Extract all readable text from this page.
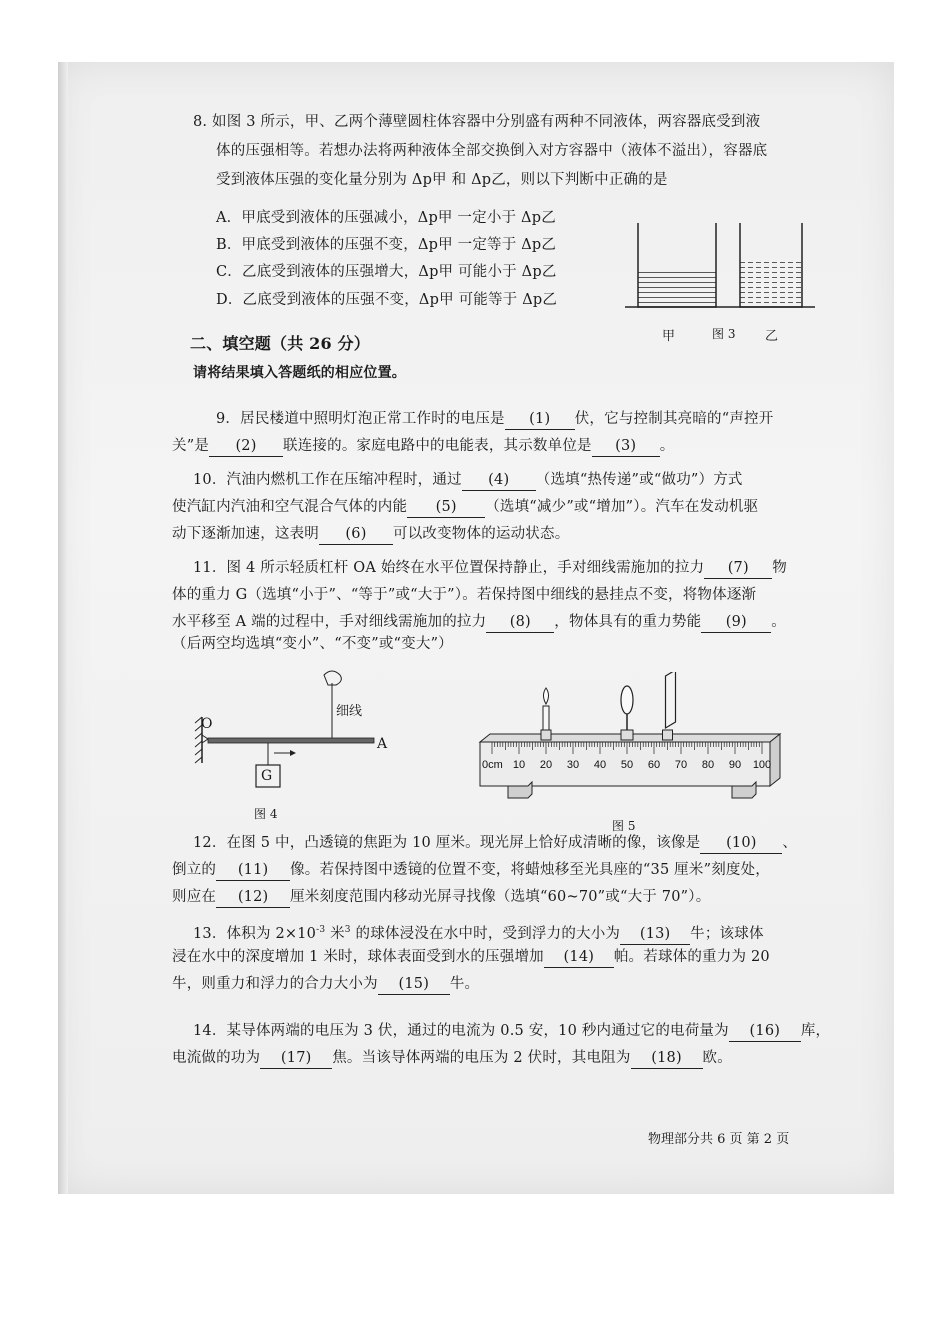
8. 如图 3 所示，甲、乙两个薄壁圆柱体容器中分别盛有两种不同液体，两容器底受到液
体的压强相等。若想办法将两种液体全部交换倒入对方容器中（液体不溢出），容器底
受到液体压强的变化量分别为 Δp甲 和 Δp乙，则以下判断中正确的是
A．甲底受到液体的压强减小，Δp甲 一定小于 Δp乙
B．甲底受到液体的压强不变，Δp甲 一定等于 Δp乙
C．乙底受到液体的压强增大，Δp甲 可能小于 Δp乙
D．乙底受到液体的压强不变，Δp甲 可能等于 Δp乙
甲	图 3 乙
二、填空题（共 26 分）
请将结果填入答题纸的相应位置。
9．居民楼道中照明灯泡正常工作时的电压是 (1) 伏，它与控制其亮暗的“声控开
关”是 (2) 联连接的。家庭电路中的电能表，其示数单位是 (3) 。
10．汽油内燃机工作在压缩冲程时，通过 (4) （选填“热传递”或“做功”）方式
使汽缸内汽油和空气混合气体的内能 (5) （选填“减少”或“增加”）。汽车在发动机驱
动下逐渐加速，这表明 (6) 可以改变物体的运动状态。
11．图 4 所示轻质杠杆 OA 始终在水平位置保持静止，手对细线需施加的拉力 (7) 物
体的重力 G（选填“小于”、“等于”或“大于”）。若保持图中细线的悬挂点不变，将物体逐渐
水平移至 A 端的过程中，手对细线需施加的拉力 (8) ，物体具有的重力势能 (9) 。
（后两空均选填“变小”、“不变”或“变大”）
O
A
细线
G
图 4
0cm 10 20 30 40 50 60 70 80 90 100
图 5
12．在图 5 中，凸透镜的焦距为 10 厘米。现光屏上恰好成清晰的像，该像是 (10) 、
倒立的 (11) 像。若保持图中透镜的位置不变，将蜡烛移至光具座的“35 厘米”刻度处，
则应在 (12) 厘米刻度范围内移动光屏寻找像（选填“60~70”或“大于 70”）。
13．体积为 $2\times 10^{-3}$ 米$^3$ 的球体浸没在水中时，受到浮力的大小为 (13) 牛；该球体
浸在水中的深度增加 1 米时，球体表面受到水的压强增加 (14) 帕。若球体的重力为 20
牛，则重力和浮力的合力大小为 (15) 牛。
14．某导体两端的电压为 3 伏，通过的电流为 0.5 安，10 秒内通过它的电荷量为 (16) 库，
电流做的功为 (17) 焦。当该导体两端的电压为 2 伏时，其电阻为 (18) 欧。
物理部分共 6 页 第 2 页
